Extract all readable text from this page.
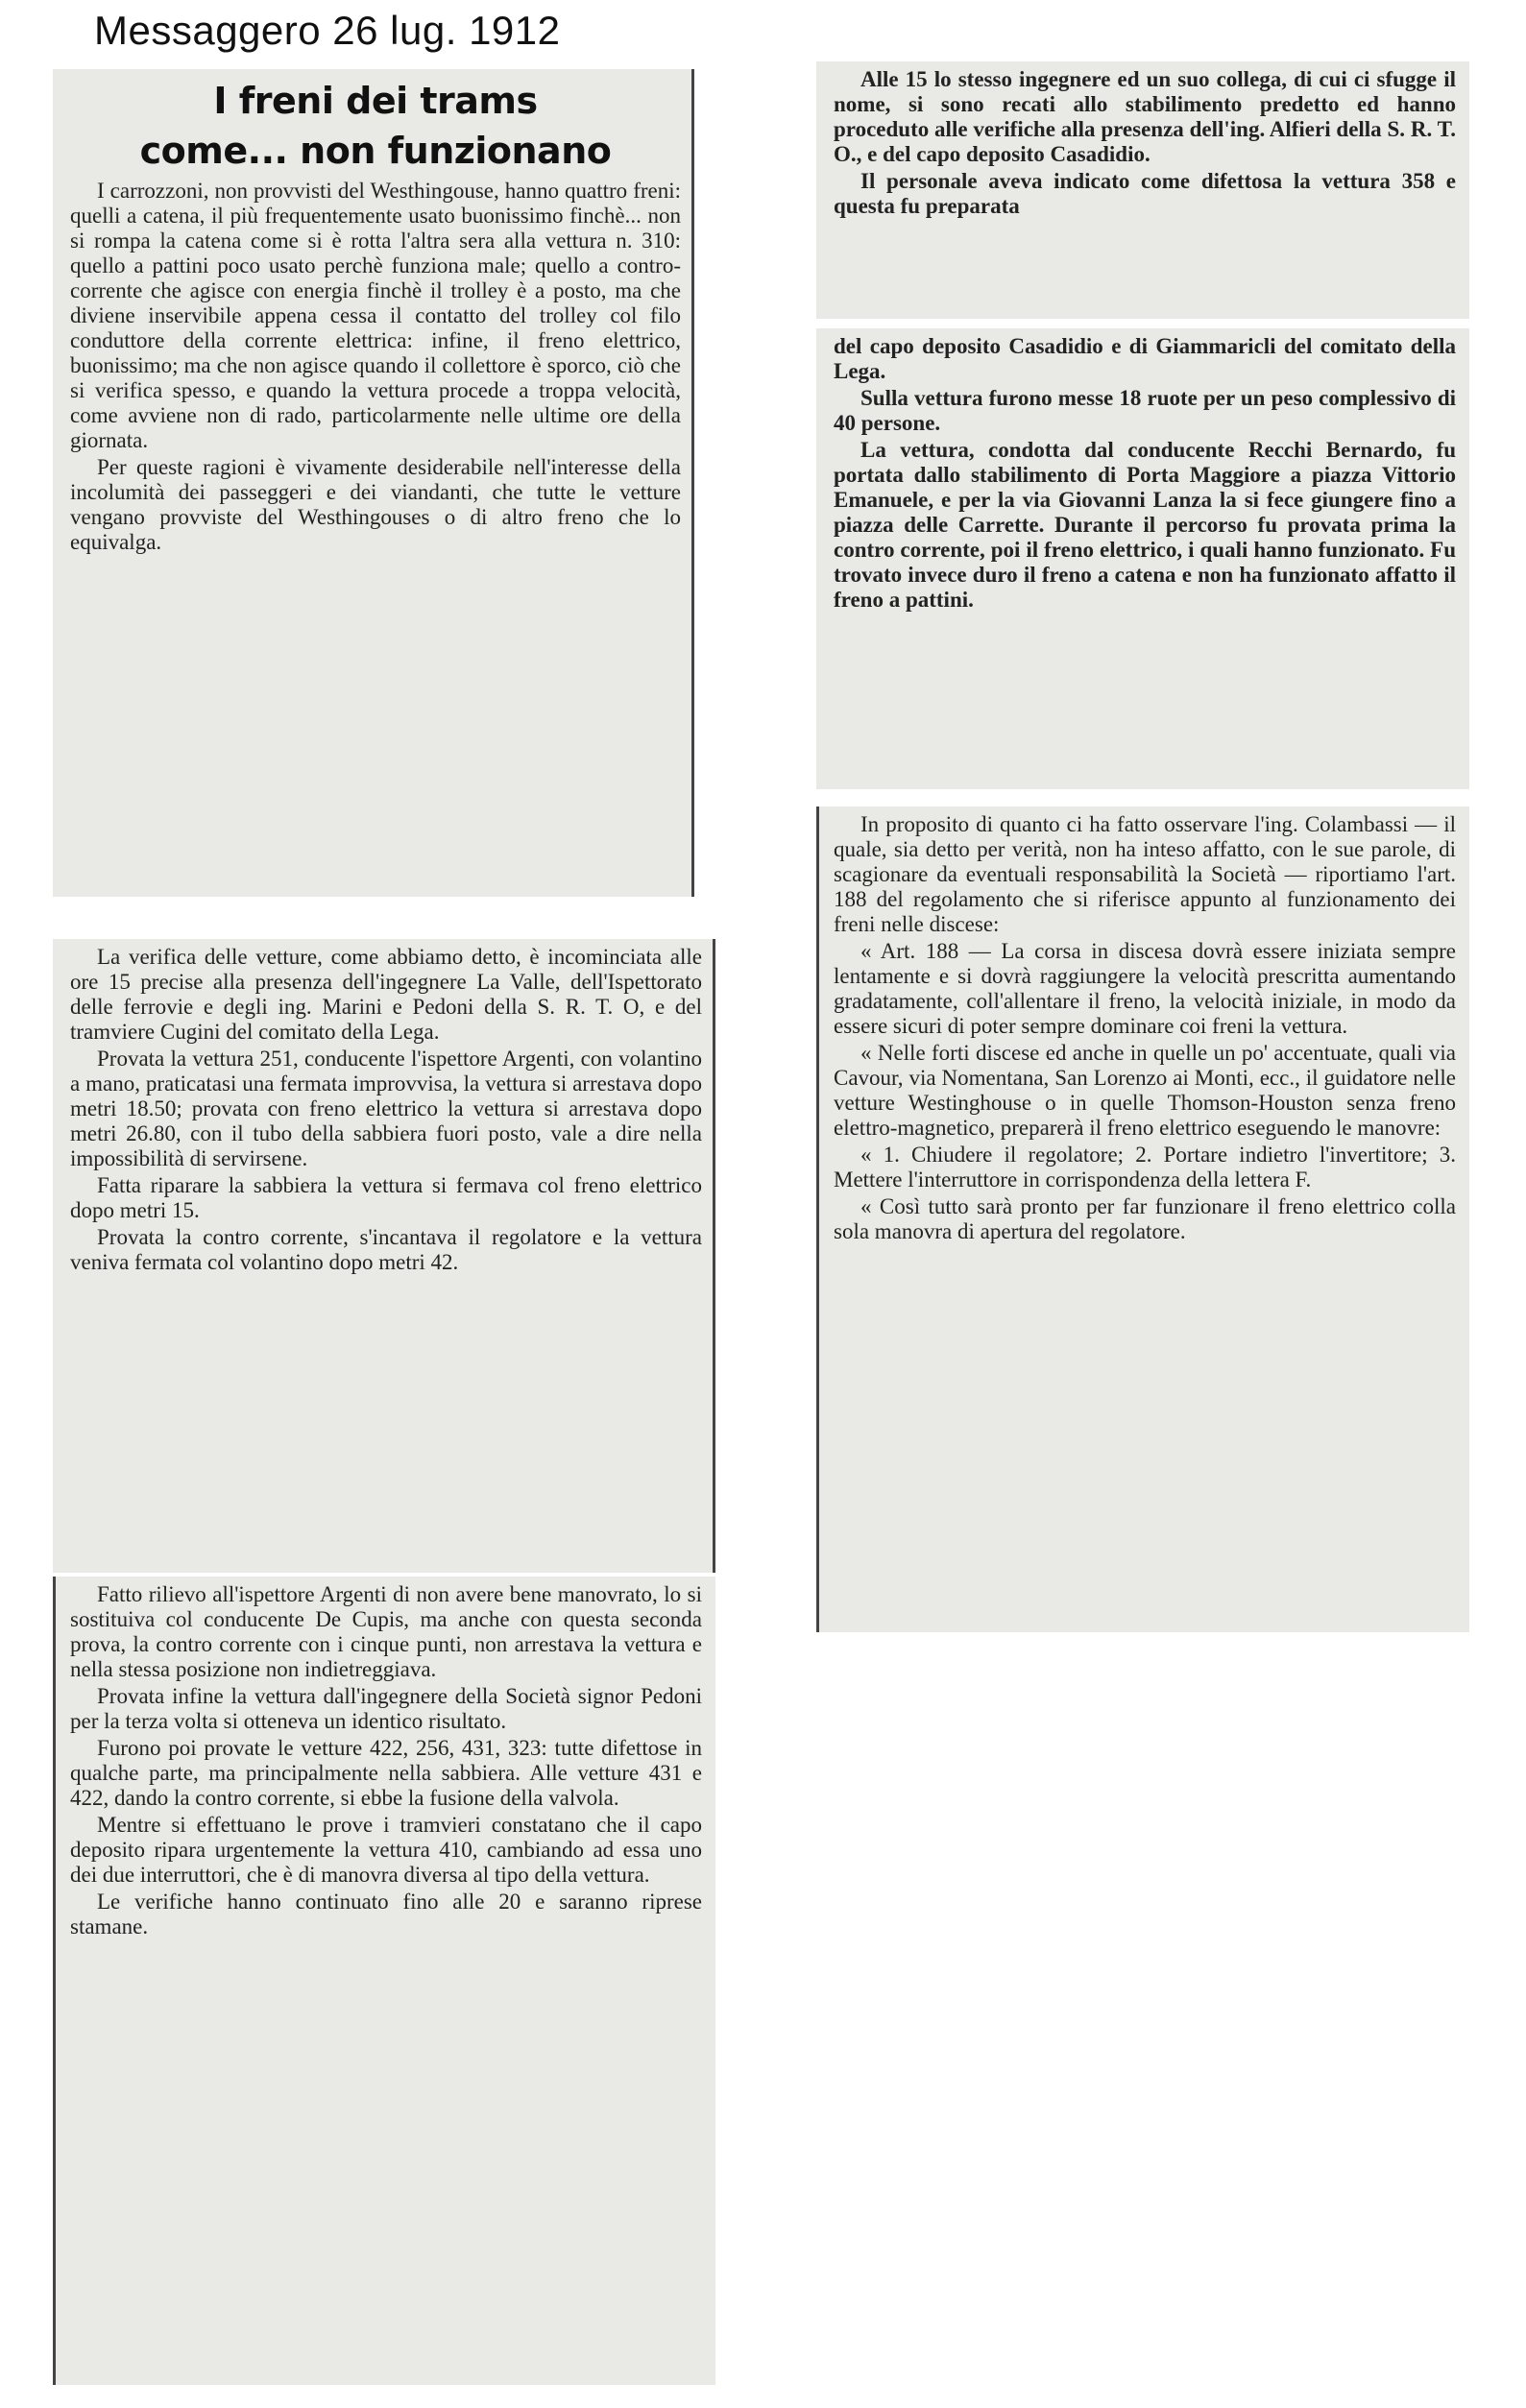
Messaggero 26 lug. 1912
I freni dei trams
come... non funzionano

I carrozzoni, non provvisti del Westhingouse, hanno quattro freni: quelli a catena, il più frequentemente usato buonissimo finchè... non si rompa la catena come si è rotta l'altra sera alla vettura n. 310: quello a pattini poco usato perchè funziona male; quello a contro-corrente che agisce con energia finchè il trolley è a posto, ma che diviene inservibile appena cessa il contatto del trolley col filo conduttore della corrente elettrica: infine, il freno elettrico, buonissimo; ma che non agisce quando il collettore è sporco, ciò che si verifica spesso, e quando la vettura procede a troppa velocità, come avviene non di rado, particolarmente nelle ultime ore della giornata.

Per queste ragioni è vivamente desiderabile nell'interesse della incolumità dei passeggeri e dei viandanti, che tutte le vetture vengano provviste del Westhingouses o di altro freno che lo equivalga.

Alle 15 lo stesso ingegnere ed un suo collega, di cui ci sfugge il nome, si sono recati allo stabilimento predetto ed hanno proceduto alle verifiche alla presenza dell'ing. Alfieri della S. R. T. O., e del capo deposito Casadidio.

Il personale aveva indicato come difettosa la vettura 358 e questa fu preparata

del capo deposito Casadidio e di Giammaricli del comitato della Lega.

Sulla vettura furono messe 18 ruote per un peso complessivo di 40 persone.

La vettura, condotta dal conducente Recchi Bernardo, fu portata dallo stabilimento di Porta Maggiore a piazza Vittorio Emanuele, e per la via Giovanni Lanza la si fece giungere fino a piazza delle Carrette. Durante il percorso fu provata prima la contro corrente, poi il freno elettrico, i quali hanno funzionato. Fu trovato invece duro il freno a catena e non ha funzionato affatto il freno a pattini.

La verifica delle vetture, come abbiamo detto, è incominciata alle ore 15 precise alla presenza dell'ingegnere La Valle, dell'Ispettorato delle ferrovie e degli ing. Marini e Pedoni della S. R. T. O, e del tramviere Cugini del comitato della Lega.

Provata la vettura 251, conducente l'ispettore Argenti, con volantino a mano, praticatasi una fermata improvvisa, la vettura si arrestava dopo metri 18.50; provata con freno elettrico la vettura si arrestava dopo metri 26.80, con il tubo della sabbiera fuori posto, vale a dire nella impossibilità di servirsene.

Fatta riparare la sabbiera la vettura si fermava col freno elettrico dopo metri 15.

Provata la contro corrente, s'incantava il regolatore e la vettura veniva fermata col volantino dopo metri 42.

Fatto rilievo all'ispettore Argenti di non avere bene manovrato, lo si sostituiva col conducente De Cupis, ma anche con questa seconda prova, la contro corrente con i cinque punti, non arrestava la vettura e nella stessa posizione non indietreggiava.

Provata infine la vettura dall'ingegnere della Società signor Pedoni per la terza volta si otteneva un identico risultato.

Furono poi provate le vetture 422, 256, 431, 323: tutte difettose in qualche parte, ma principalmente nella sabbiera. Alle vetture 431 e 422, dando la contro corrente, si ebbe la fusione della valvola.

Mentre si effettuano le prove i tramvieri constatano che il capo deposito ripara urgentemente la vettura 410, cambiando ad essa uno dei due interruttori, che è di manovra diversa al tipo della vettura.

Le verifiche hanno continuato fino alle 20 e saranno riprese stamane.

In proposito di quanto ci ha fatto osservare l'ing. Colambassi — il quale, sia detto per verità, non ha inteso affatto, con le sue parole, di scagionare da eventuali responsabilità la Società — riportiamo l'art. 188 del regolamento che si riferisce appunto al funzionamento dei freni nelle discese:

« Art. 188 — La corsa in discesa dovrà essere iniziata sempre lentamente e si dovrà raggiungere la velocità prescritta aumentando gradatamente, coll'allentare il freno, la velocità iniziale, in modo da essere sicuri di poter sempre dominare coi freni la vettura.

« Nelle forti discese ed anche in quelle un po' accentuate, quali via Cavour, via Nomentana, San Lorenzo ai Monti, ecc., il guidatore nelle vetture Westinghouse o in quelle Thomson-Houston senza freno elettro-magnetico, preparerà il freno elettrico eseguendo le manovre:

« 1. Chiudere il regolatore; 2. Portare indietro l'invertitore; 3. Mettere l'interruttore in corrispondenza della lettera F.

« Così tutto sarà pronto per far funzionare il freno elettrico colla sola manovra di apertura del regolatore.
